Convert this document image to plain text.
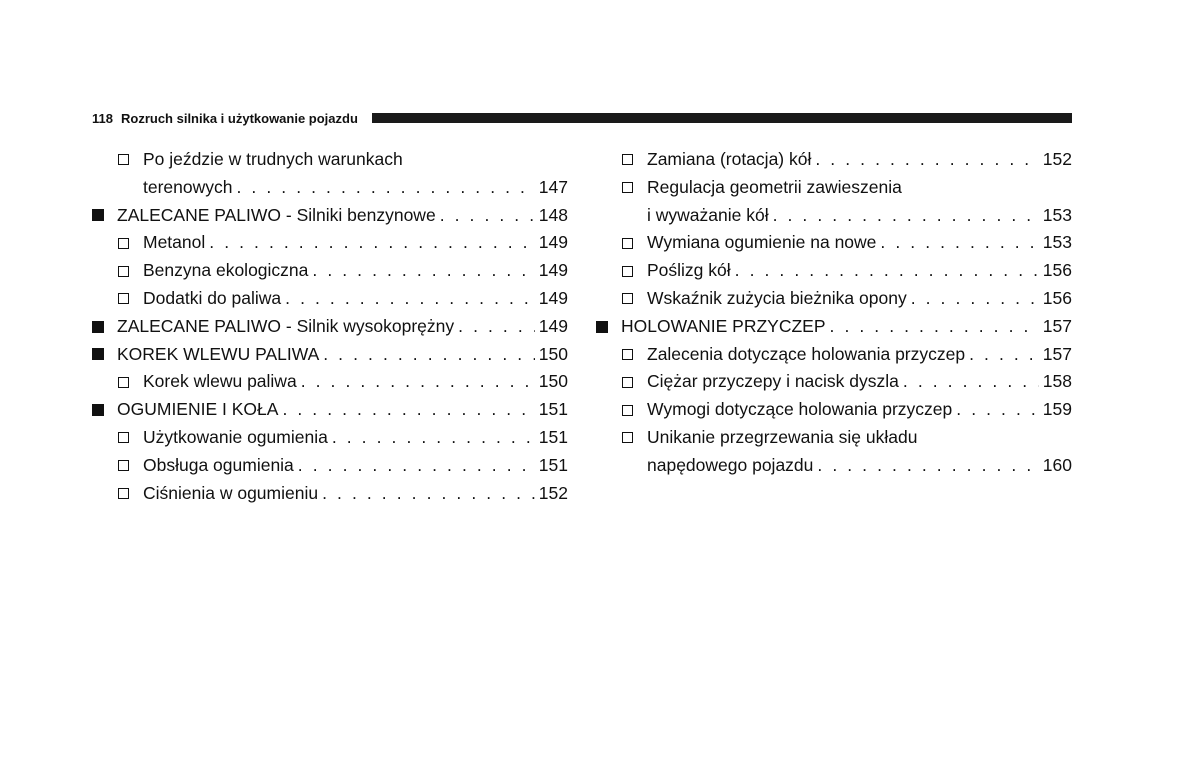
118 Rozruch silnika i użytkowanie pojazdu
Po jeździe w trudnych warunkach
terenowych . . .	147
ZALECANE PALIWO - Silniki benzynowe . . .	148
Metanol . . .	149
Benzyna ekologiczna . . .	149
Dodatki do paliwa . . .	149
ZALECANE PALIWO - Silnik wysokoprężny . . .	149
KOREK WLEWU PALIWA . . .	150
Korek wlewu paliwa . . .	150
OGUMIENIE I KOŁA . . .	151
Użytkowanie ogumienia . . .	151
Obsługa ogumienia . . .	151
Ciśnienia w ogumieniu . . .	152
Zamiana (rotacja) kół . . .	152
Regulacja geometrii zawieszenia
i wyważanie kół . . .	153
Wymiana ogumienie na nowe . . .	153
Poślizg kół . . .	156
Wskaźnik zużycia bieżnika opony . . .	156
HOLOWANIE PRZYCZEP . . .	157
Zalecenia dotyczące holowania przyczep . . .	157
Ciężar przyczepy i nacisk dyszla . . .	158
Wymogi dotyczące holowania przyczep . . .	159
Unikanie przegrzewania się układu
napędowego pojazdu . . .	160
